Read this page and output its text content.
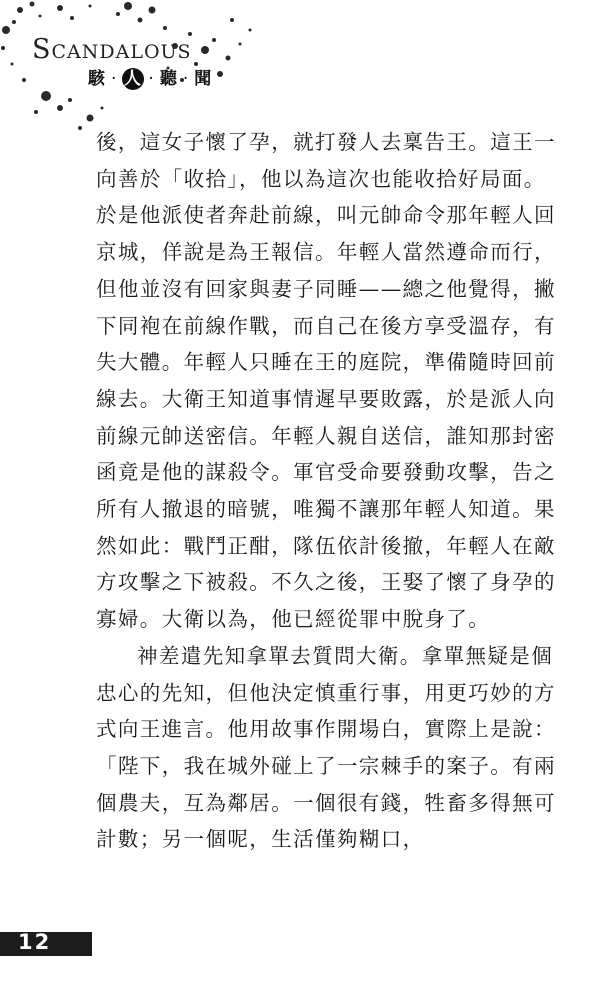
SCANDALOUS
駭 · 人 · 聽 · 聞

後，這女子懷了孕，就打發人去稟告王。這王一向善於「收拾」，他以為這次也能收拾好局面。於是他派使者奔赴前線，叫元帥命令那年輕人回京城，佯說是為王報信。年輕人當然遵命而行，但他並沒有回家與妻子同睡——總之他覺得，撇下同袍在前線作戰，而自己在後方享受溫存，有失大體。年輕人只睡在王的庭院，準備隨時回前線去。大衛王知道事情遲早要敗露，於是派人向前線元帥送密信。年輕人親自送信，誰知那封密函竟是他的謀殺令。軍官受命要發動攻擊，告之所有人撤退的暗號，唯獨不讓那年輕人知道。果然如此：戰鬥正酣，隊伍依計後撤，年輕人在敵方攻擊之下被殺。不久之後，王娶了懷了身孕的寡婦。大衛以為，他已經從罪中脫身了。

神差遣先知拿單去質問大衛。拿單無疑是個忠心的先知，但他決定慎重行事，用更巧妙的方式向王進言。他用故事作開場白，實際上是說：「陛下，我在城外碰上了一宗棘手的案子。有兩個農夫，互為鄰居。一個很有錢，牲畜多得無可計數；另一個呢，生活僅夠糊口，

12
